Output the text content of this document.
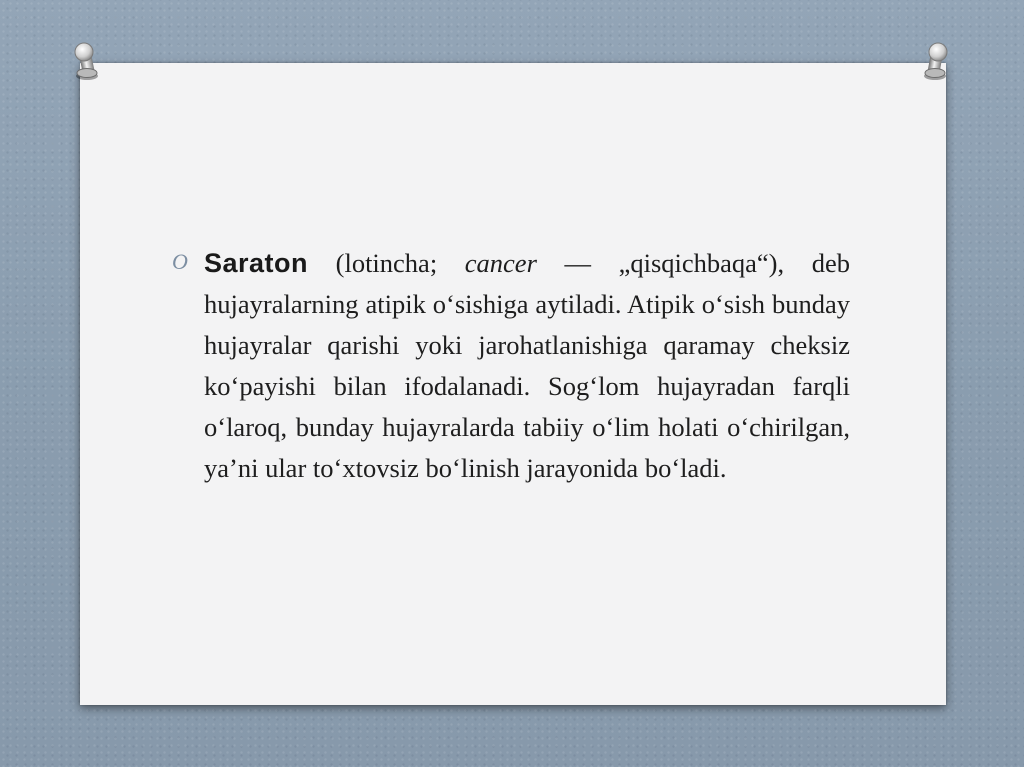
O Saraton (lotincha; cancer — „qisqichbaqa“), deb hujayralarning atipik o‘sishiga aytiladi. Atipik o‘sish bunday hujayralar qarishi yoki jarohatlanishiga qaramay cheksiz ko‘payishi bilan ifodalanadi. Sog‘lom hujayradan farqli o‘laroq, bunday hujayralarda tabiiy o‘lim holati o‘chirilgan, ya’ni ular to‘xtovsiz bo‘linish jarayonida bo‘ladi.
